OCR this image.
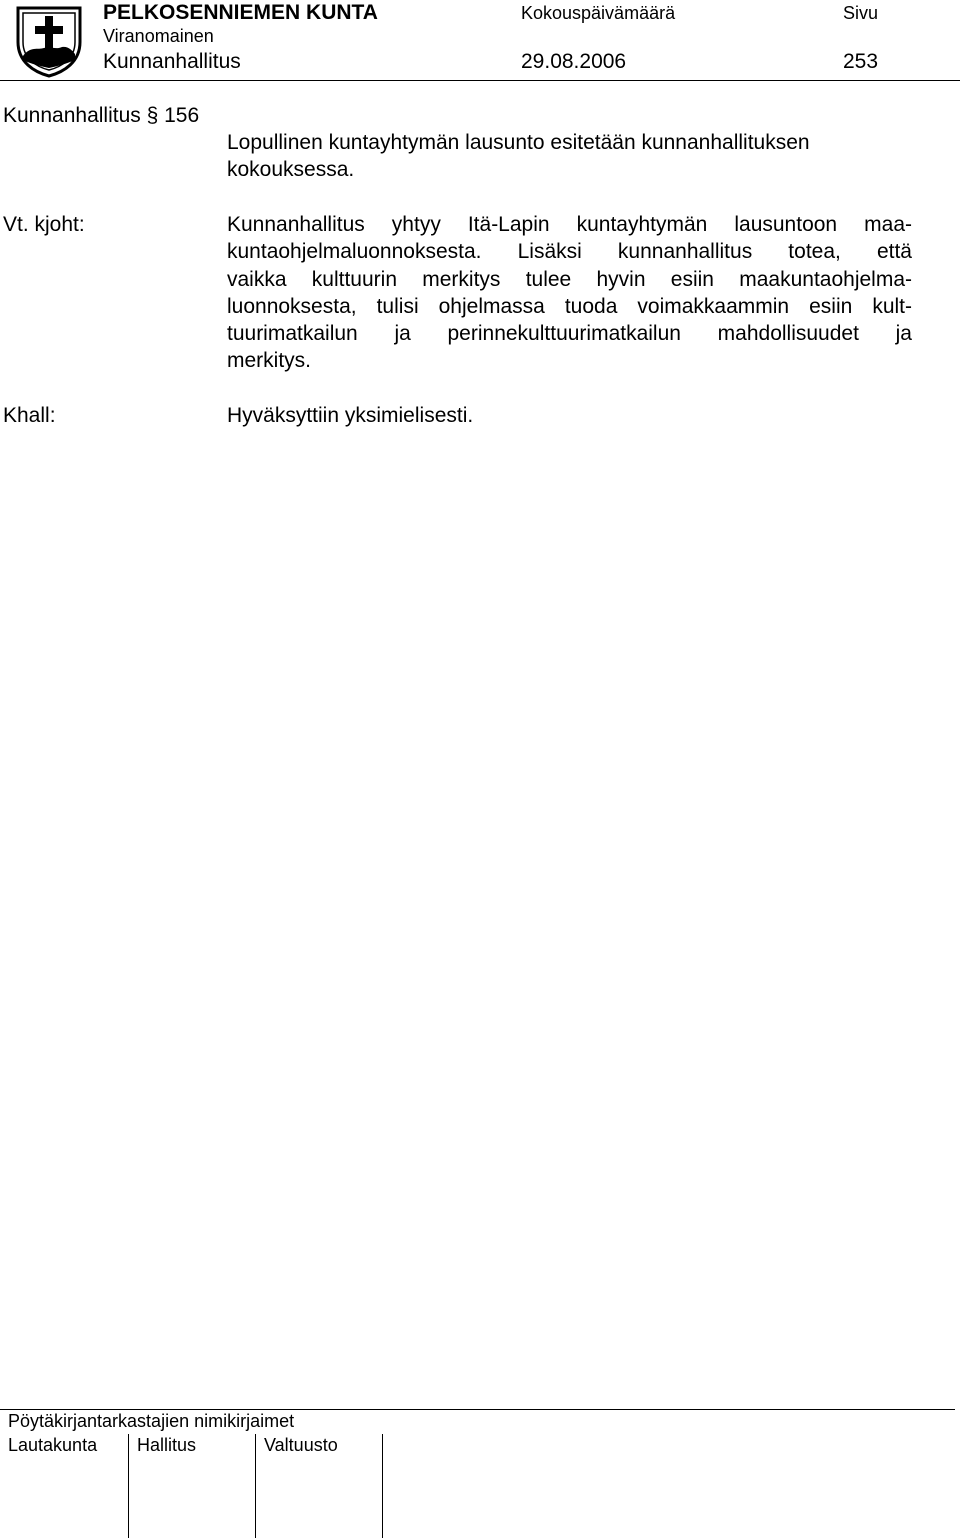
PELKOSENNIEMEN KUNTA	Kokouspäivämäärä	Sivu
Viranomainen
Kunnanhallitus	29.08.2006	253
Kunnanhallitus § 156
Lopullinen kuntayhtymän lausunto esitetään kunnanhallituksen
kokouksessa.
Vt. kjoht:	Kunnanhallitus yhtyy Itä-Lapin kuntayhtymän lausuntoon maa-
kuntaohjelmaluonnoksesta. Lisäksi kunnanhallitus totea, että
vaikka kulttuurin merkitys tulee hyvin esiin maakuntaohjelma-
luonnoksesta, tulisi ohjelmassa tuoda voimakkaammin esiin kult-
tuurimatkailun ja perinnekulttuurimatkailun mahdollisuudet ja
merkitys.
Khall:	Hyväksyttiin yksimielisesti.
Pöytäkirjantarkastajien nimikirjaimet			
Lautakunta	Hallitus	Valtuusto	
